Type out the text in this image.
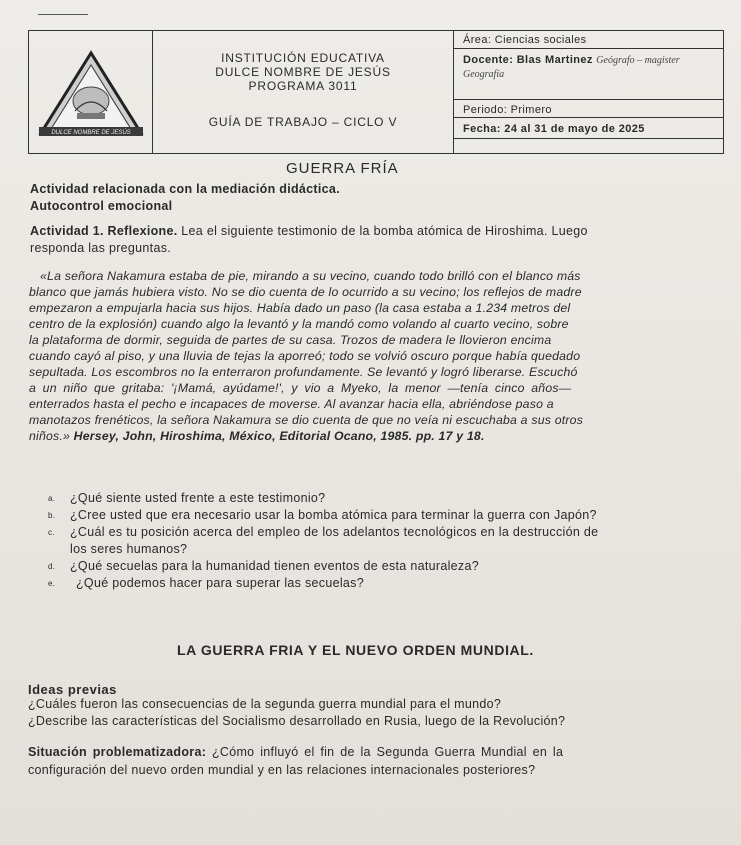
DULCE NOMBRE DE JESÚS
INSTITUCIÓN EDUCATIVA
DULCE NOMBRE DE JESÚS
PROGRAMA 3011
GUÍA DE TRABAJO – CICLO V
Área: Ciencias sociales
Docente: Blas Martinez Geógrafo – magister
Geografía
Periodo: Primero
Fecha: 24 al 31 de mayo de 2025
GUERRA FRÍA
Actividad relacionada con la mediación didáctica.
Autocontrol emocional
Actividad 1. Reflexione. Lea el siguiente testimonio de la bomba atómica de Hiroshima. Luego
responda las preguntas.
«La señora Nakamura estaba de pie, mirando a su vecino, cuando todo brilló con el blanco más
blanco que jamás hubiera visto. No se dio cuenta de lo ocurrido a su vecino; los reflejos de madre
empezaron a empujarla hacia sus hijos. Había dado un paso (la casa estaba a 1.234 metros del
centro de la explosión) cuando algo la levantó y la mandó como volando al cuarto vecino, sobre
la plataforma de dormir, seguida de partes de su casa. Trozos de madera le llovieron encima
cuando cayó al piso, y una lluvia de tejas la aporreó; todo se volvió oscuro porque había quedado
sepultada. Los escombros no la enterraron profundamente. Se levantó y logró liberarse. Escuchó
a un niño que gritaba: '¡Mamá, ayúdame!', y vio a Myeko, la menor —tenía cinco años—
enterrados hasta el pecho e incapaces de moverse. Al avanzar hacia ella, abriéndose paso a
manotazos frenéticos, la señora Nakamura se dio cuenta de que no veía ni escuchaba a sus otros
niños.» Hersey, John, Hiroshima, México, Editorial Ocano, 1985. pp. 17 y 18.
a. ¿Qué siente usted frente a este testimonio?
b. ¿Cree usted que era necesario usar la bomba atómica para terminar la guerra con Japón?
c. ¿Cuál es tu posición acerca del empleo de los adelantos tecnológicos en la destrucción de
los seres humanos?
d. ¿Qué secuelas para la humanidad tienen eventos de esta naturaleza?
e. ¿Qué podemos hacer para superar las secuelas?
LA GUERRA FRIA Y EL NUEVO ORDEN MUNDIAL.
Ideas previas
¿Cuáles fueron las consecuencias de la segunda guerra mundial para el mundo?
¿Describe las características del Socialismo desarrollado en Rusia, luego de la Revolución?
Situación problematizadora: ¿Cómo influyó el fin de la Segunda Guerra Mundial en la
configuración del nuevo orden mundial y en las relaciones internacionales posteriores?
